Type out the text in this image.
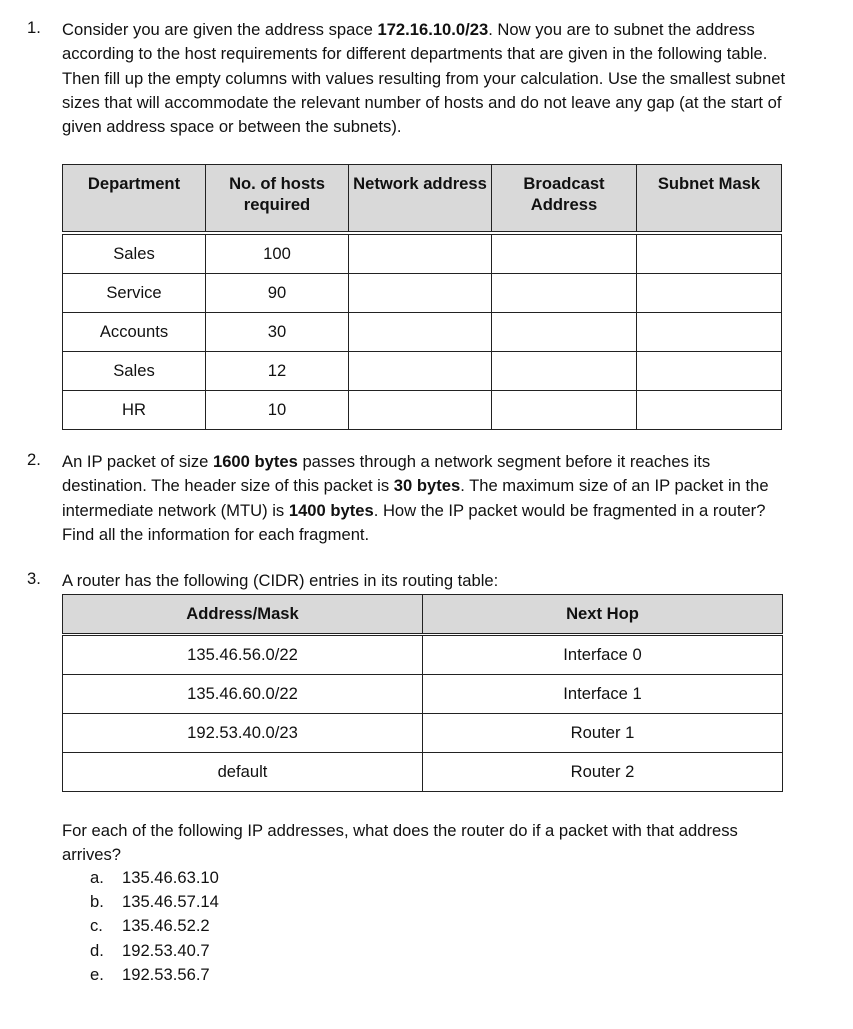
1. Consider you are given the address space 172.16.10.0/23. Now you are to subnet the address according to the host requirements for different departments that are given in the following table. Then fill up the empty columns with values resulting from your calculation. Use the smallest subnet sizes that will accommodate the relevant number of hosts and do not leave any gap (at the start of given address space or between the subnets).

Department	No. of hosts required	Network address	Broadcast Address	Subnet Mask

Sales	100			
Service	90			
Accounts	30			
Sales	12			
HR	10			
2. An IP packet of size 1600 bytes passes through a network segment before it reaches its destination. The header size of this packet is 30 bytes. The maximum size of an IP packet in the intermediate network (MTU) is 1400 bytes. How the IP packet would be fragmented in a router? Find all the information for each fragment.

3. A router has the following (CIDR) entries in its routing table:

Address/Mask	Next Hop

135.46.56.0/22	Interface 0
135.46.60.0/22	Interface 1
192.53.40.0/23	Router 1
default	Router 2

For each of the following IP addresses, what does the router do if a packet with that address arrives?

a. 135.46.63.10
b. 135.46.57.14
c. 135.46.52.2
d. 192.53.40.7
e. 192.53.56.7
